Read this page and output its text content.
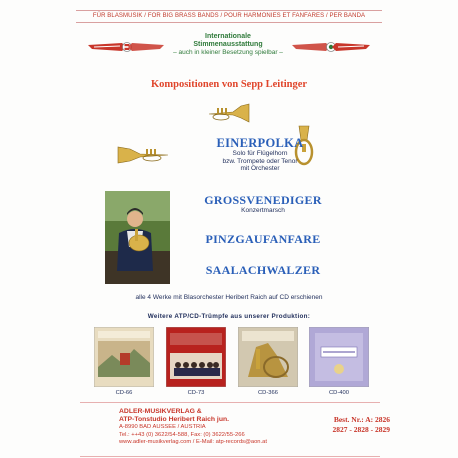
FÜR BLASMUSIK / FOR BIG BRASS BANDS / POUR HARMONIES ET FANFARES / PER BANDA
Internationale
Stimmenausstattung
– auch in kleiner Besetzung spielbar –
Kompositionen von Sepp Leitinger
EINERPOLKA
Solo für Flügelhorn
bzw. Trompete oder Tenor
mit Orchester
GROSSVENEDIGER
Konzertmarsch
PINZGAUFANFARE
SAALACHWALZER
alle 4 Werke mit Blasorchester Heribert Raich auf CD erschienen
Weitere ATP/CD-Trümpfe aus unserer Produktion:
CD-66	CD-73	CD-366	CD-400
ADLER-MUSIKVERLAG &
ATP-Tonstudio Heribert Raich jun.
A-8990 BAD AUSSEE / AUSTRIA
Tel.: ++43 (0) 3622/54-588, Fax: (0) 3622/55-266
www.adler-musikverlag.com / E-Mail: atp-records@aon.at
Best. Nr.: A: 2826
2827 - 2828 - 2829
